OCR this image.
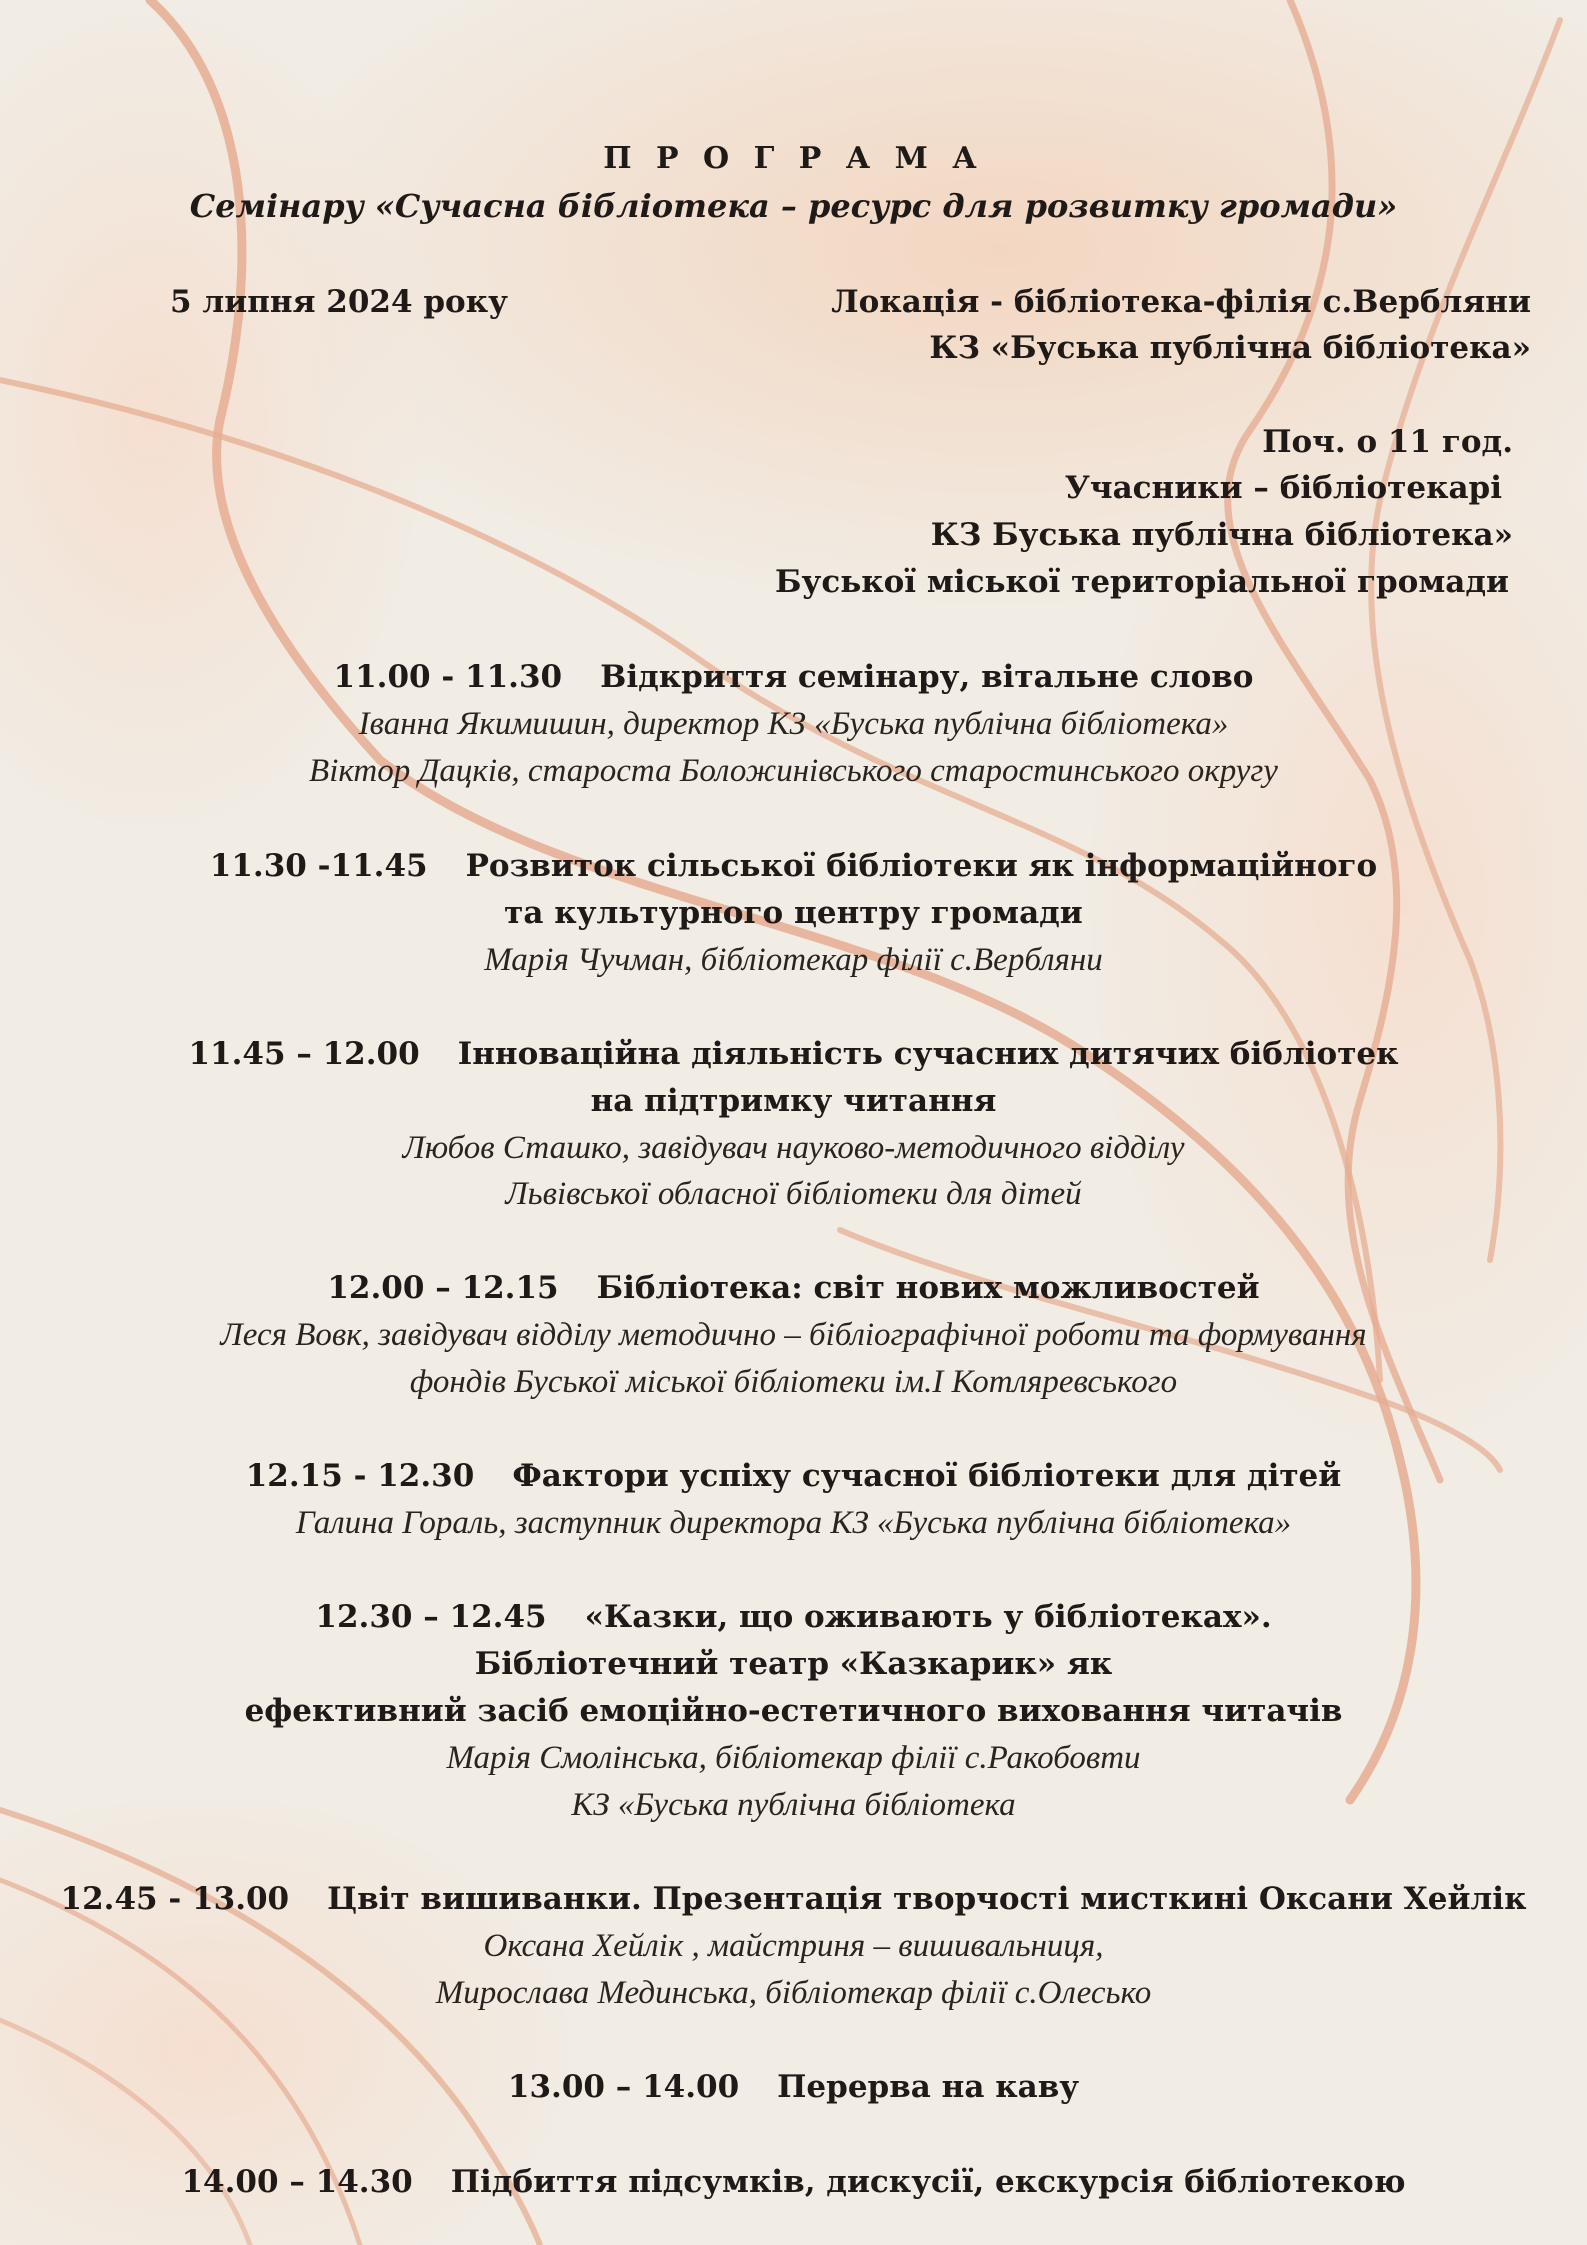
П Р О Г Р А М А
Семінару «Сучасна бібліотека – ресурс для розвитку громади»
5 липня 2024 року	Локація - бібліотека-філія с.Вербляни
КЗ «Буська публічна бібліотека»
Поч. о 11 год.
Учасники – бібліотекарі
КЗ Буська публічна бібліотека»
Буської міської територіальної громади
11.00 - 11.30 Відкриття семінару, вітальне слово
Іванна Якимишин, директор КЗ «Буська публічна бібліотека»
Віктор Дацків, староста Боложинівського старостинського округу
11.30 -11.45 Розвиток сільської бібліотеки як інформаційного
та культурного центру громади
Марія Чучман, бібліотекар філії с.Вербляни
11.45 – 12.00 Інноваційна діяльність сучасних дитячих бібліотек
на підтримку читання
Любов Сташко, завідувач науково-методичного відділу
Львівської обласної бібліотеки для дітей
12.00 – 12.15 Бібліотека: світ нових можливостей
Леся Вовк, завідувач відділу методично – бібліографічної роботи та формування
фондів Буської міської бібліотеки ім.І Котляревського
12.15 - 12.30 Фактори успіху сучасної бібліотеки для дітей
Галина Гораль, заступник директора КЗ «Буська публічна бібліотека»
12.30 – 12.45 «Казки, що оживають у бібліотеках».
Бібліотечний театр «Казкарик» як
ефективний засіб емоційно-естетичного виховання читачів
Марія Смолінська, бібліотекар філії с.Ракобовти
КЗ «Буська публічна бібліотека
12.45 - 13.00 Цвіт вишиванки. Презентація творчості мисткині Оксани Хейлік
Оксана Хейлік , майстриня – вишивальниця,
Мирослава Мединська, бібліотекар філії с.Олесько
13.00 – 14.00 Перерва на каву
14.00 – 14.30 Підбиття підсумків, дискусії, екскурсія бібліотекою
